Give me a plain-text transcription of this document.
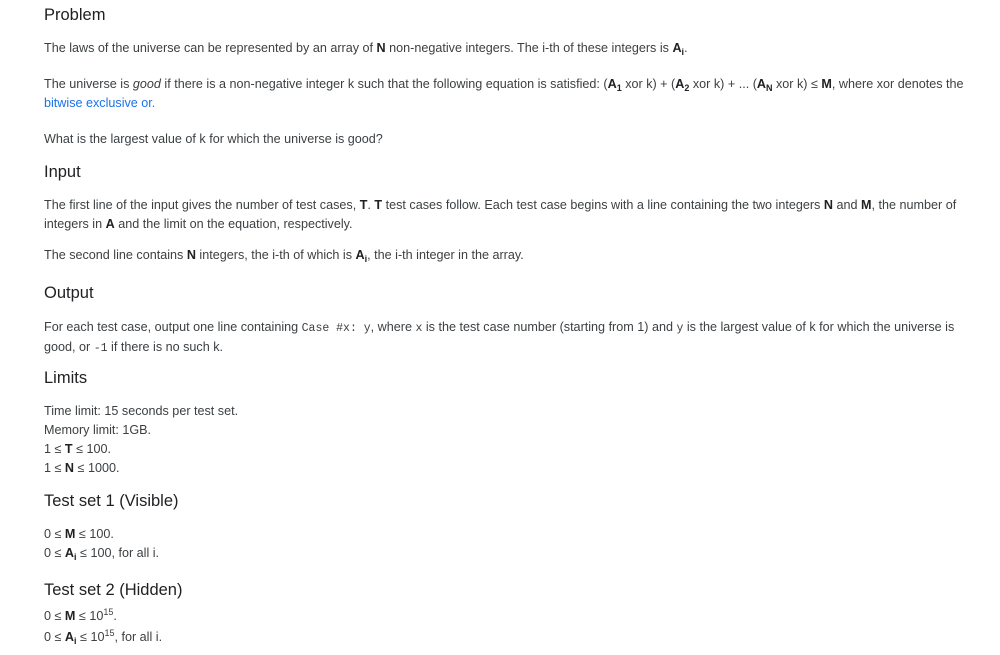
Problem
The laws of the universe can be represented by an array of N non-negative integers. The i-th of these integers is $A_i$.
The universe is good if there is a non-negative integer k such that the following equation is satisfied: ($A_1$ xor $k) + (A_2$ xor k) + ... ($A_N$ xor k) ≤ M, where xor denotes the
bitwise exclusive or.
What is the largest value of k for which the universe is good?
Input
The first line of the input gives the number of test cases, T. T test cases follow. Each test case begins with a line containing the two integers N and M, the number of
integers in A and the limit on the equation, respectively.
The second line contains N integers, the i-th of which is $A_i$, the i-th integer in the array.
Output
For each test case, output one line containing Case #x: y, where x is the test case number (starting from 1) and y is the largest value of k for which the universe is
good, or -1 if there is no such k.
Limits
Time limit: 15 seconds per test set.
Memory limit: 1GB.
1 ≤ T ≤ 100.
1 ≤ N ≤ 1000.
Test set 1 (Visible)
0 ≤ M ≤ 100.
$0 \le A_i \le 100$, for all i.
Test set 2 (Hidden)
$0 \le M \le 10^{15}$.
$0 \le A_i \le 10^{15}$, for all i.
